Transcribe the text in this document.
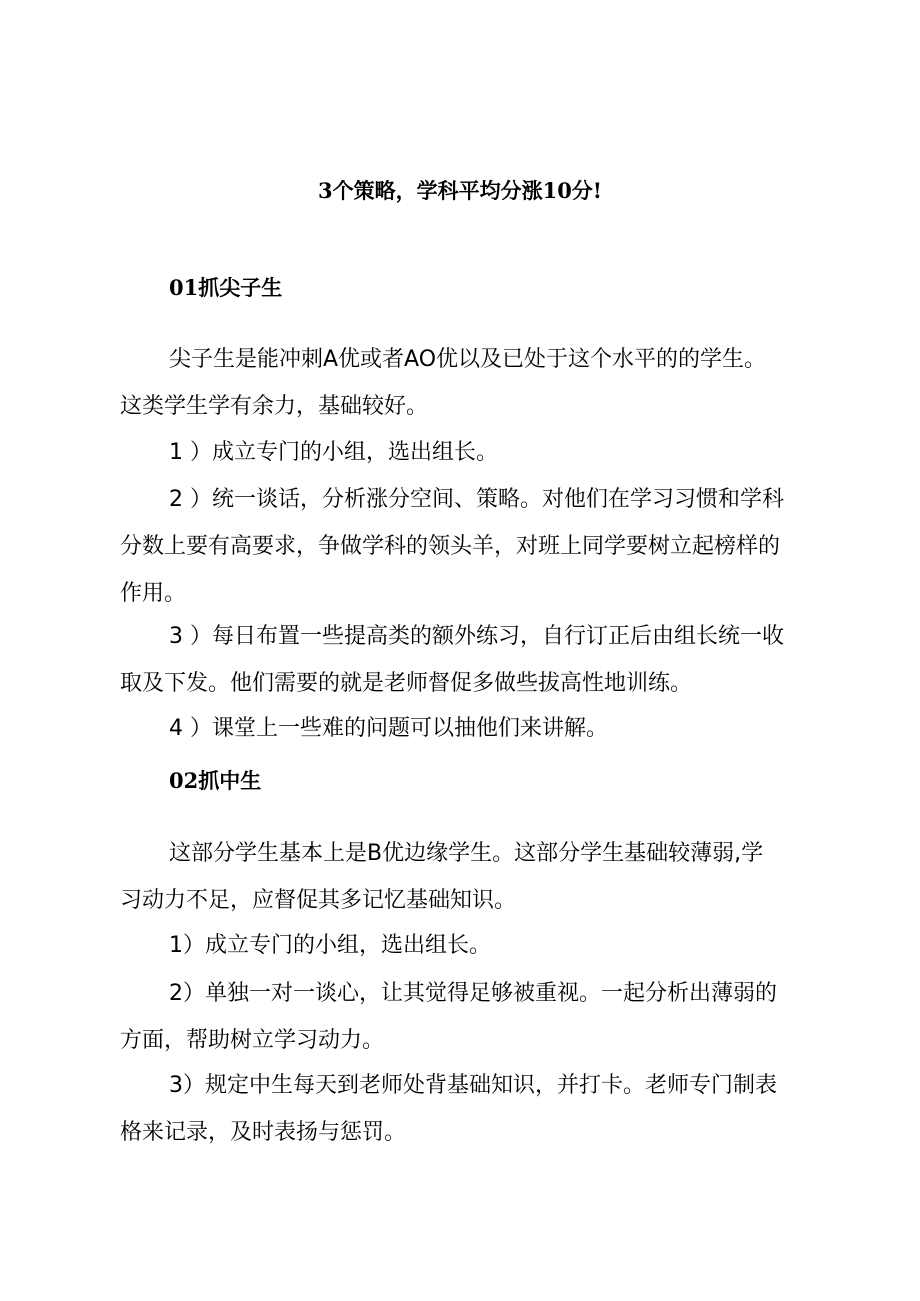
3个策略，学科平均分涨10分!
01抓尖子生
尖子生是能冲刺A优或者AO优以及已处于这个水平的的学生。
这类学生学有余力，基础较好。
1 ）成立专门的小组，选出组长。
2 ）统一谈话，分析涨分空间、策略。对他们在学习习惯和学科
分数上要有高要求，争做学科的领头羊，对班上同学要树立起榜样的
作用。
3 ）每日布置一些提高类的额外练习，自行订正后由组长统一收
取及下发。他们需要的就是老师督促多做些拔高性地训练。
4 ）课堂上一些难的问题可以抽他们来讲解。
02抓中生
这部分学生基本上是B优边缘学生。这部分学生基础较薄弱,学
习动力不足，应督促其多记忆基础知识。
1）成立专门的小组，选出组长。
2）单独一对一谈心，让其觉得足够被重视。一起分析出薄弱的
方面，帮助树立学习动力。
3）规定中生每天到老师处背基础知识，并打卡。老师专门制表
格来记录，及时表扬与惩罚。
